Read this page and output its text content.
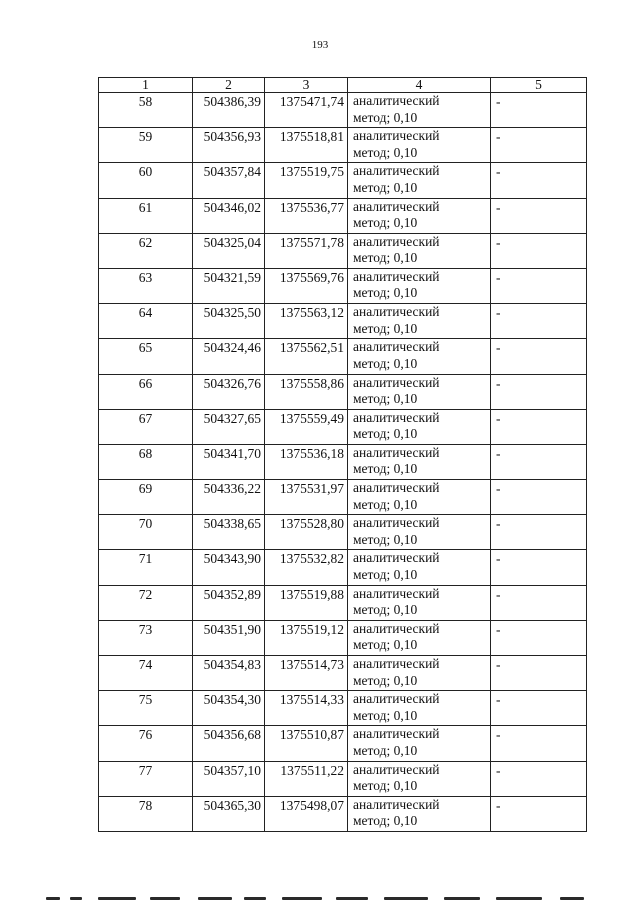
193
1	2	3	4	5
58	504386,39	1375471,74	аналитический
метод; 0,10	-
59	504356,93	1375518,81	аналитический
метод; 0,10	-
60	504357,84	1375519,75	аналитический
метод; 0,10	-
61	504346,02	1375536,77	аналитический
метод; 0,10	-
62	504325,04	1375571,78	аналитический
метод; 0,10	-
63	504321,59	1375569,76	аналитический
метод; 0,10	-
64	504325,50	1375563,12	аналитический
метод; 0,10	-
65	504324,46	1375562,51	аналитический
метод; 0,10	-
66	504326,76	1375558,86	аналитический
метод; 0,10	-
67	504327,65	1375559,49	аналитический
метод; 0,10	-
68	504341,70	1375536,18	аналитический
метод; 0,10	-
69	504336,22	1375531,97	аналитический
метод; 0,10	-
70	504338,65	1375528,80	аналитический
метод; 0,10	-
71	504343,90	1375532,82	аналитический
метод; 0,10	-
72	504352,89	1375519,88	аналитический
метод; 0,10	-
73	504351,90	1375519,12	аналитический
метод; 0,10	-
74	504354,83	1375514,73	аналитический
метод; 0,10	-
75	504354,30	1375514,33	аналитический
метод; 0,10	-
76	504356,68	1375510,87	аналитический
метод; 0,10	-
77	504357,10	1375511,22	аналитический
метод; 0,10	-
78	504365,30	1375498,07	аналитический
метод; 0,10	-
